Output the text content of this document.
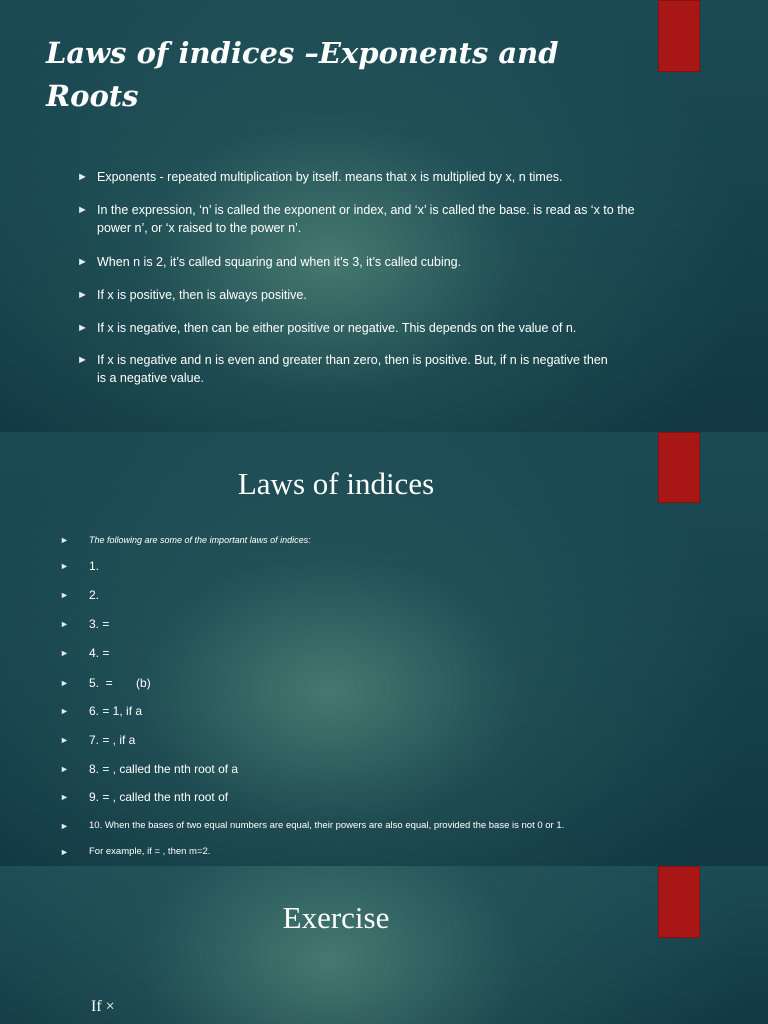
Laws of indices –Exponents and Roots
► Exponents - repeated multiplication by itself. means that x is multiplied by x, n times.
► In the expression, ‘n’ is called the exponent or index, and ‘x’ is called the base. is read as ‘x to the power n’, or ‘x raised to the power n’.
► When n is 2, it’s called squaring and when it’s 3, it’s called cubing.
► If x is positive, then is always positive.
► If x is negative, then can be either positive or negative. This depends on the value of n.
► If x is negative and n is even and greater than zero, then is positive. But, if n is negative then is a negative value.
Laws of indices
► The following are some of the important laws of indices:
► 1.
► 2.
► 3. =
► 4. =
► 5.  =       (b)
► 6. = 1, if a
► 7. = , if a
► 8. = , called the nth root of a
► 9. = , called the nth root of
► 10. When the bases of two equal numbers are equal, their powers are also equal, provided the base is not 0 or 1.
► For example, if = , then m=2.
Exercise
If ×
